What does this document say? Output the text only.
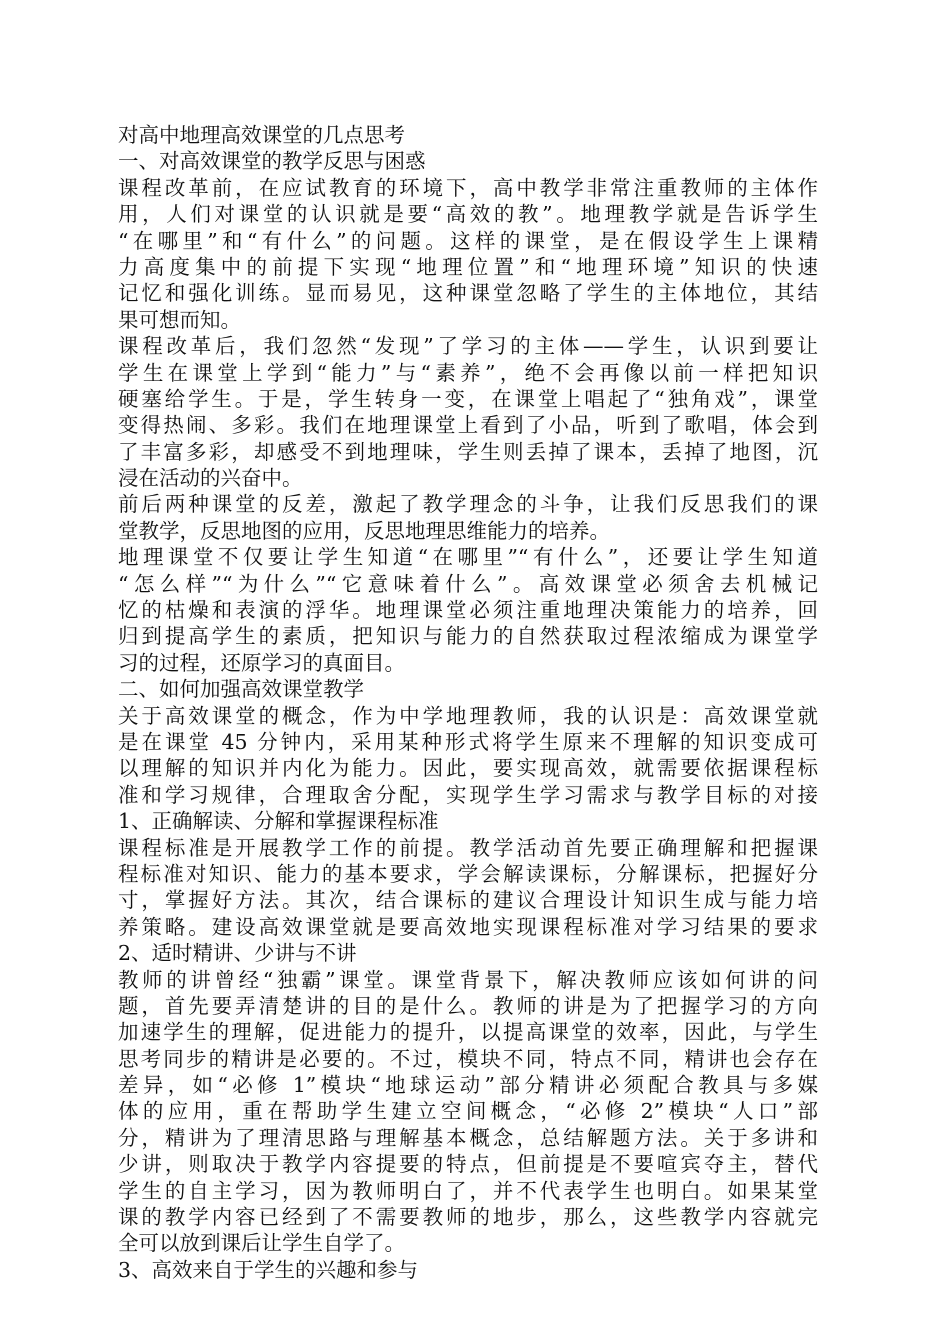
对高中地理高效课堂的几点思考
一、对高效课堂的教学反思与困惑
课程改革前，在应试教育的环境下，高中教学非常注重教师的主体作
用，人们对课堂的认识就是要“高效的教”。地理教学就是告诉学生
“在哪里”和“有什么”的问题。这样的课堂，是在假设学生上课精
力高度集中的前提下实现“地理位置”和“地理环境”知识的快速
记忆和强化训练。显而易见，这种课堂忽略了学生的主体地位，其结
果可想而知。
课程改革后，我们忽然“发现”了学习的主体——学生，认识到要让
学生在课堂上学到“能力”与“素养”，绝不会再像以前一样把知识
硬塞给学生。于是，学生转身一变，在课堂上唱起了“独角戏”，课堂
变得热闹、多彩。我们在地理课堂上看到了小品，听到了歌唱，体会到
了丰富多彩，却感受不到地理味，学生则丢掉了课本，丢掉了地图，沉
浸在活动的兴奋中。
前后两种课堂的反差，激起了教学理念的斗争，让我们反思我们的课
堂教学，反思地图的应用，反思地理思维能力的培养。
地理课堂不仅要让学生知道“在哪里”“有什么”，还要让学生知道
“怎么样”“为什么”“它意味着什么”。高效课堂必须舍去机械记
忆的枯燥和表演的浮华。地理课堂必须注重地理决策能力的培养，回
归到提高学生的素质，把知识与能力的自然获取过程浓缩成为课堂学
习的过程，还原学习的真面目。
二、如何加强高效课堂教学
关于高效课堂的概念，作为中学地理教师，我的认识是：高效课堂就
是在课堂 45 分钟内，采用某种形式将学生原来不理解的知识变成可
以理解的知识并内化为能力。因此，要实现高效，就需要依据课程标
准和学习规律，合理取舍分配，实现学生学习需求与教学目标的对接
1、正确解读、分解和掌握课程标准
课程标准是开展教学工作的前提。教学活动首先要正确理解和把握课
程标准对知识、能力的基本要求，学会解读课标，分解课标，把握好分
寸，掌握好方法。其次，结合课标的建议合理设计知识生成与能力培
养策略。建设高效课堂就是要高效地实现课程标准对学习结果的要求
2、适时精讲、少讲与不讲
教师的讲曾经“独霸”课堂。课堂背景下，解决教师应该如何讲的问
题，首先要弄清楚讲的目的是什么。教师的讲是为了把握学习的方向
加速学生的理解，促进能力的提升，以提高课堂的效率，因此，与学生
思考同步的精讲是必要的。不过，模块不同，特点不同，精讲也会存在
差异，如“必修 1”模块“地球运动”部分精讲必须配合教具与多媒
体的应用，重在帮助学生建立空间概念，“必修 2”模块“人口”部
分，精讲为了理清思路与理解基本概念，总结解题方法。关于多讲和
少讲，则取决于教学内容提要的特点，但前提是不要喧宾夺主，替代
学生的自主学习，因为教师明白了，并不代表学生也明白。如果某堂
课的教学内容已经到了不需要教师的地步，那么，这些教学内容就完
全可以放到课后让学生自学了。
3、高效来自于学生的兴趣和参与
